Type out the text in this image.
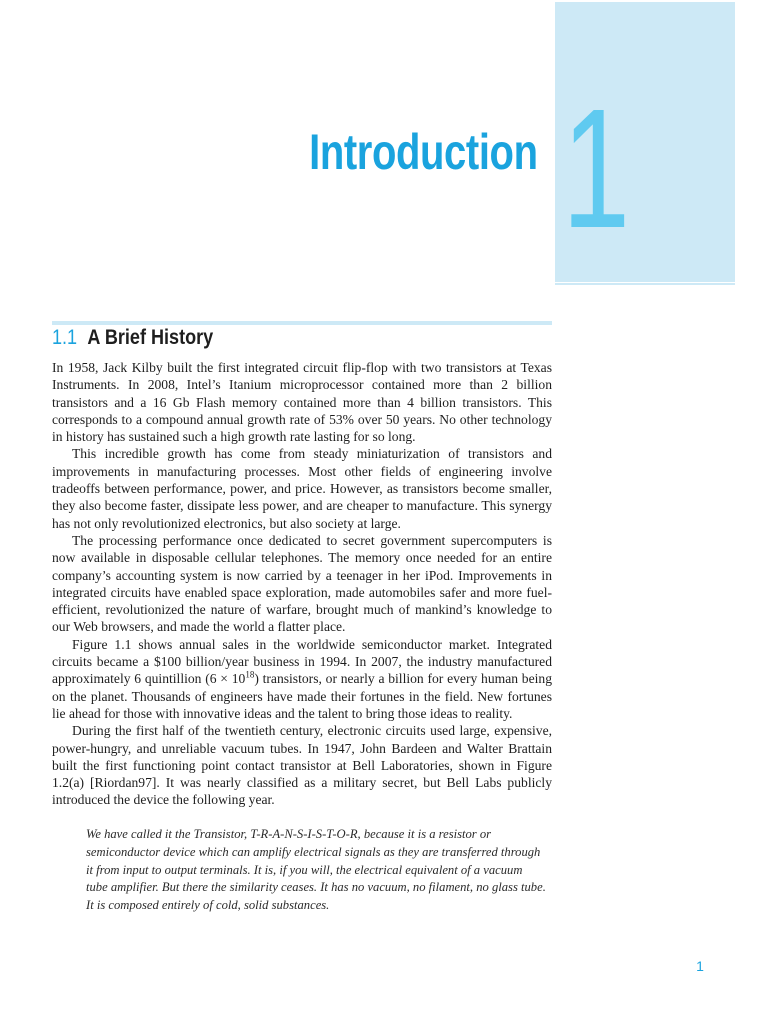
1
Introduction
1.1 A Brief History

In 1958, Jack Kilby built the first integrated circuit flip-flop with two transistors at Texas Instruments. In 2008, Intel’s Itanium microprocessor contained more than 2 billion transistors and a 16 Gb Flash memory contained more than 4 billion transistors. This corresponds to a compound annual growth rate of 53% over 50 years. No other technology in history has sustained such a high growth rate lasting for so long.

This incredible growth has come from steady miniaturization of transistors and improvements in manufacturing processes. Most other fields of engineering involve tradeoffs between performance, power, and price. However, as transistors become smaller, they also become faster, dissipate less power, and are cheaper to manufacture. This synergy has not only revolutionized electronics, but also society at large.

The processing performance once dedicated to secret government supercomputers is now available in disposable cellular telephones. The memory once needed for an entire company’s accounting system is now carried by a teenager in her iPod. Improvements in integrated circuits have enabled space exploration, made automobiles safer and more fuel-efficient, revolutionized the nature of warfare, brought much of mankind’s knowledge to our Web browsers, and made the world a flatter place.

Figure 1.1 shows annual sales in the worldwide semiconductor market. Integrated circuits became a $100 billion/year business in 1994. In 2007, the industry manufactured approximately 6 quintillion $(6 \times 10^{18})$ transistors, or nearly a billion for every human being on the planet. Thousands of engineers have made their fortunes in the field. New fortunes lie ahead for those with innovative ideas and the talent to bring those ideas to reality.

During the first half of the twentieth century, electronic circuits used large, expensive, power-hungry, and unreliable vacuum tubes. In 1947, John Bardeen and Walter Brattain built the first functioning point contact transistor at Bell Laboratories, shown in Figure 1.2(a) [Riordan97]. It was nearly classified as a military secret, but Bell Labs publicly introduced the device the following year.

We have called it the Transistor, T-R-A-N-S-I-S-T-O-R, because it is a resistor or semiconductor device which can amplify electrical signals as they are transferred through it from input to output terminals. It is, if you will, the electrical equivalent of a vacuum tube amplifier. But there the similarity ceases. It has no vacuum, no filament, no glass tube. It is composed entirely of cold, solid substances.
1
